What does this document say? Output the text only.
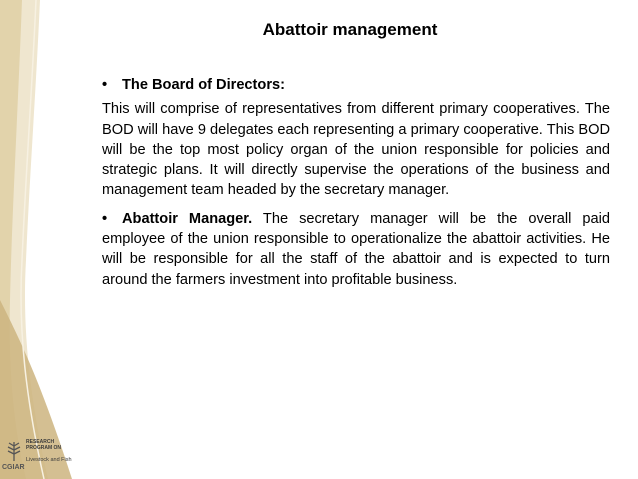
Abattoir management
• The Board of Directors:

This will comprise of representatives from different primary cooperatives. The BOD will have 9 delegates each representing a primary cooperative. This BOD will be the top most policy organ of the union responsible for policies and strategic plans. It will directly supervise the operations of the business and management team headed by the secretary manager.

• Abattoir Manager. The secretary manager will be the overall paid employee of the union responsible to operationalize the abattoir activities. He will be responsible for all the staff of the abattoir and is expected to turn around the farmers investment into profitable business.

RESEARCH
PROGRAM ON
Livestock and Fish
CGIAR
